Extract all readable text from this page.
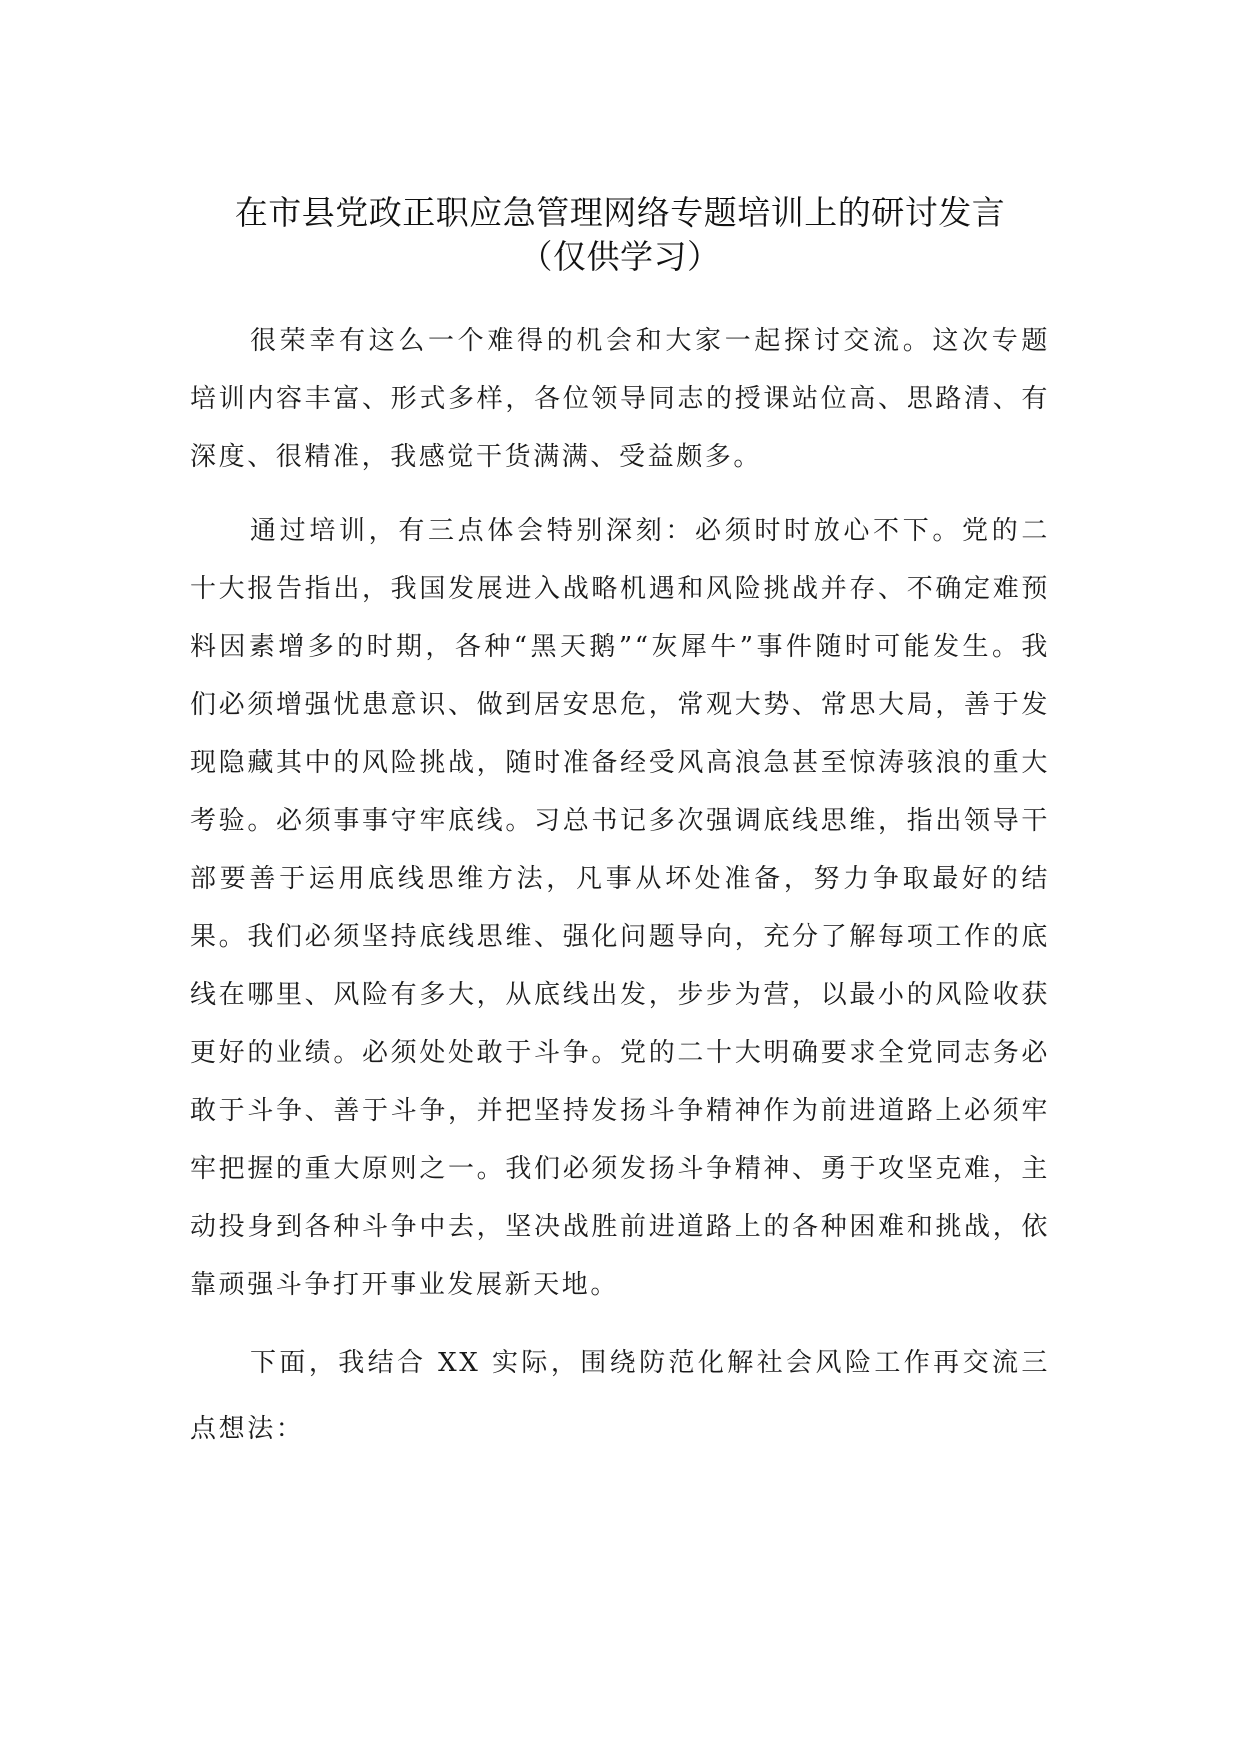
在市县党政正职应急管理网络专题培训上的研讨发言
（仅供学习）

很荣幸有这么一个难得的机会和大家一起探讨交流。这次专题培训内容丰富、形式多样，各位领导同志的授课站位高、思路清、有深度、很精准，我感觉干货满满、受益颇多。

通过培训，有三点体会特别深刻：必须时时放心不下。党的二十大报告指出，我国发展进入战略机遇和风险挑战并存、不确定难预料因素增多的时期，各种“黑天鹅”“灰犀牛”事件随时可能发生。我们必须增强忧患意识、做到居安思危，常观大势、常思大局，善于发现隐藏其中的风险挑战，随时准备经受风高浪急甚至惊涛骇浪的重大考验。必须事事守牢底线。习总书记多次强调底线思维，指出领导干部要善于运用底线思维方法，凡事从坏处准备，努力争取最好的结果。我们必须坚持底线思维、强化问题导向，充分了解每项工作的底线在哪里、风险有多大，从底线出发，步步为营，以最小的风险收获更好的业绩。必须处处敢于斗争。党的二十大明确要求全党同志务必敢于斗争、善于斗争，并把坚持发扬斗争精神作为前进道路上必须牢牢把握的重大原则之一。我们必须发扬斗争精神、勇于攻坚克难，主动投身到各种斗争中去，坚决战胜前进道路上的各种困难和挑战，依靠顽强斗争打开事业发展新天地。

下面，我结合 XX 实际，围绕防范化解社会风险工作再交流三点想法：
